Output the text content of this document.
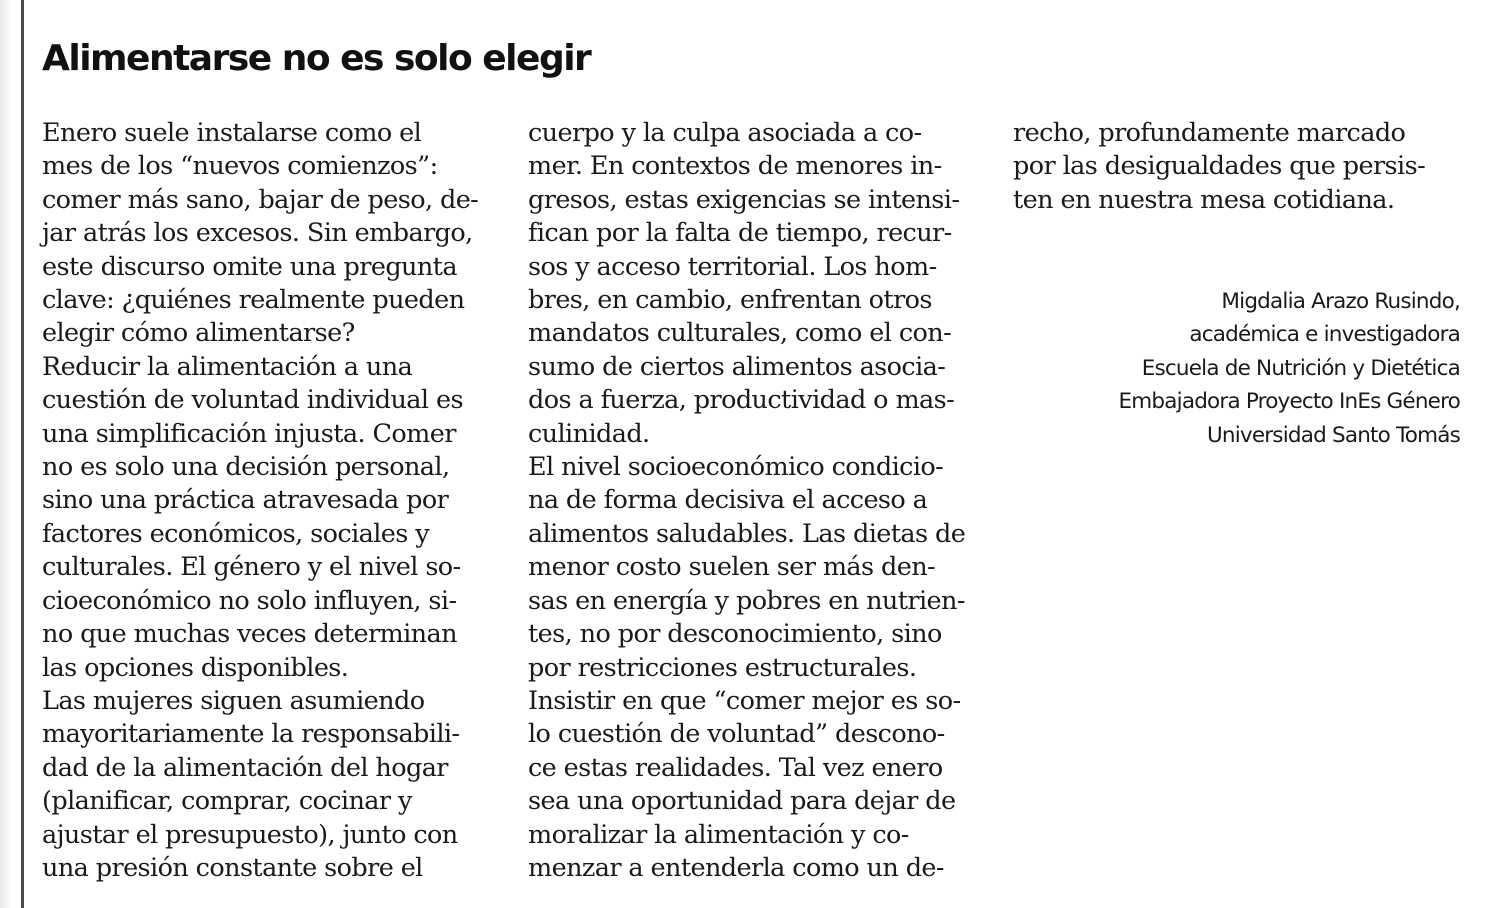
Alimentarse no es solo elegir
Enero suele instalarse como el
mes de los “nuevos comienzos”:
comer más sano, bajar de peso, de-
jar atrás los excesos. Sin embargo,
este discurso omite una pregunta
clave: ¿quiénes realmente pueden
elegir cómo alimentarse?
Reducir la alimentación a una
cuestión de voluntad individual es
una simplificación injusta. Comer
no es solo una decisión personal,
sino una práctica atravesada por
factores económicos, sociales y
culturales. El género y el nivel so-
cioeconómico no solo influyen, si-
no que muchas veces determinan
las opciones disponibles.
Las mujeres siguen asumiendo
mayoritariamente la responsabili-
dad de la alimentación del hogar
(planificar, comprar, cocinar y
ajustar el presupuesto), junto con
una presión constante sobre el
cuerpo y la culpa asociada a co-
mer. En contextos de menores in-
gresos, estas exigencias se intensi-
fican por la falta de tiempo, recur-
sos y acceso territorial. Los hom-
bres, en cambio, enfrentan otros
mandatos culturales, como el con-
sumo de ciertos alimentos asocia-
dos a fuerza, productividad o mas-
culinidad.
El nivel socioeconómico condicio-
na de forma decisiva el acceso a
alimentos saludables. Las dietas de
menor costo suelen ser más den-
sas en energía y pobres en nutrien-
tes, no por desconocimiento, sino
por restricciones estructurales.
Insistir en que “comer mejor es so-
lo cuestión de voluntad” descono-
ce estas realidades. Tal vez enero
sea una oportunidad para dejar de
moralizar la alimentación y co-
menzar a entenderla como un de-
recho, profundamente marcado
por las desigualdades que persis-
ten en nuestra mesa cotidiana.
Migdalia Arazo Rusindo,
académica e investigadora
Escuela de Nutrición y Dietética
Embajadora Proyecto InEs Género
Universidad Santo Tomás
